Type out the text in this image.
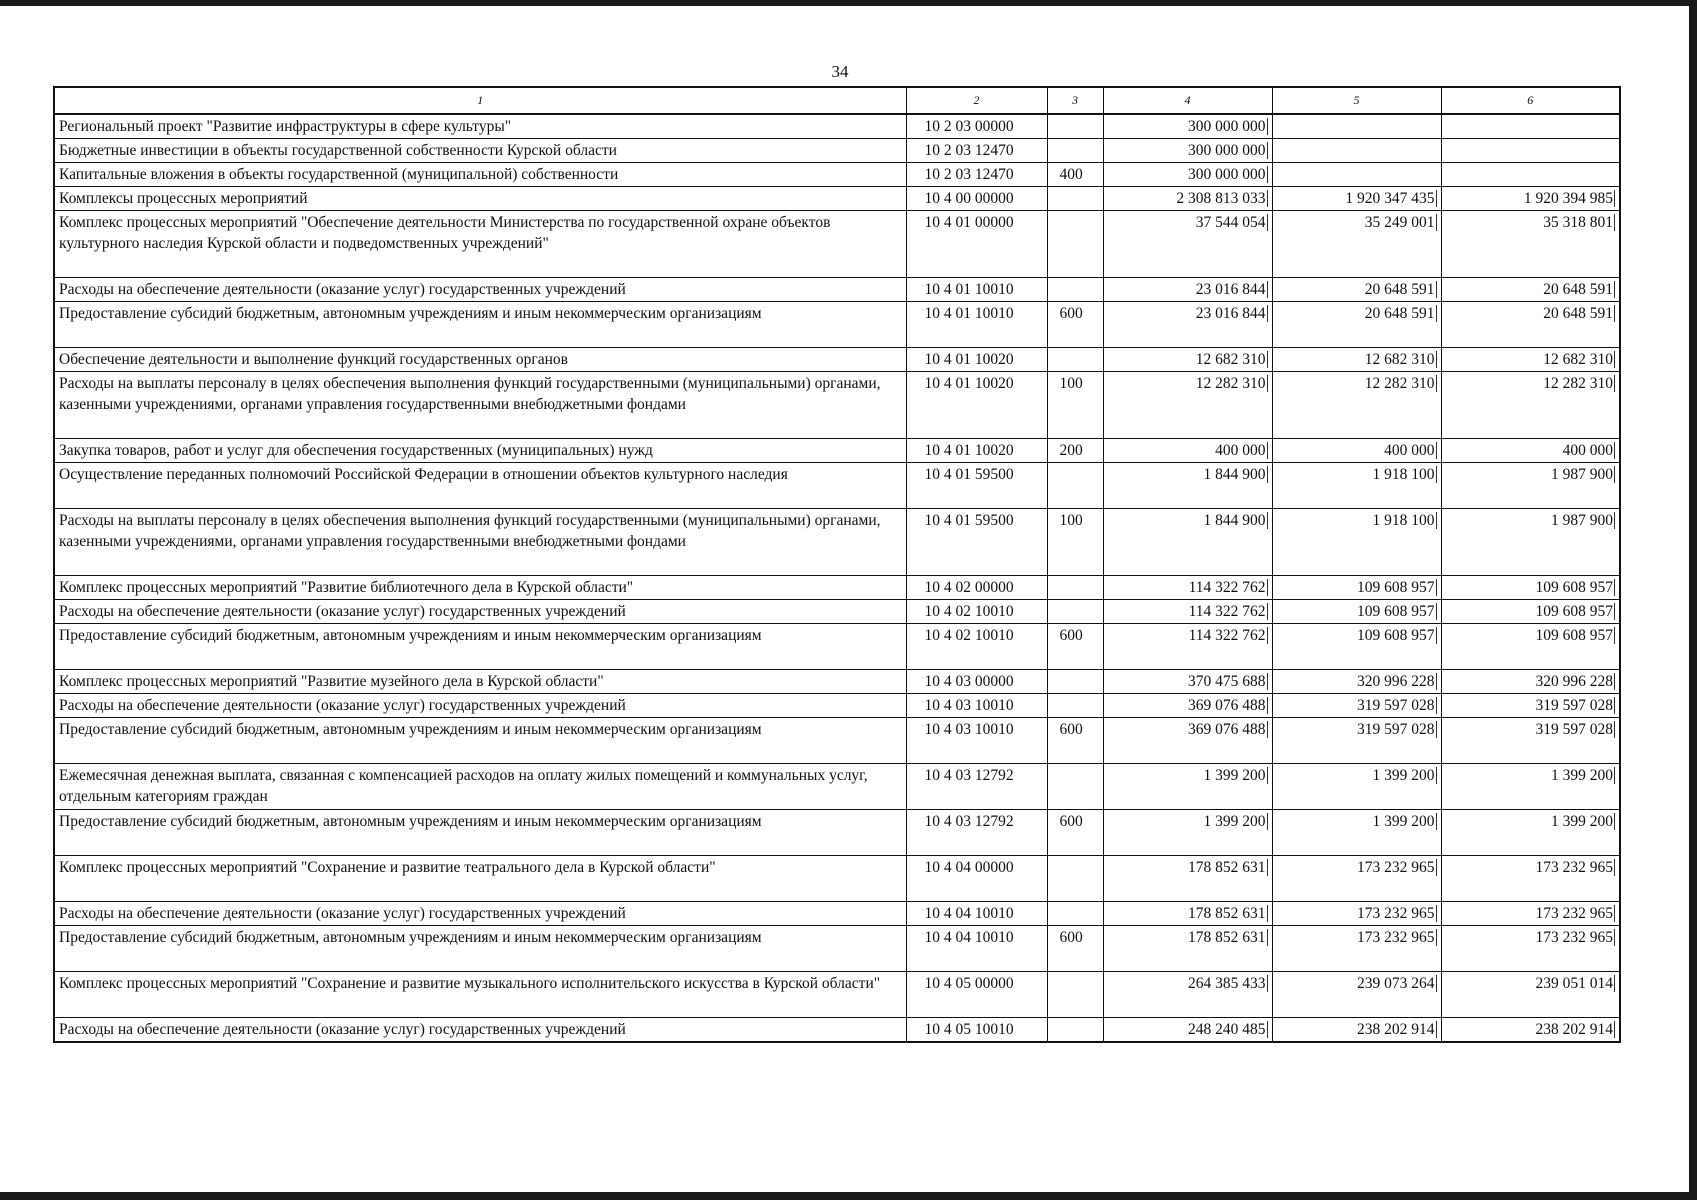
34
1	2	3	4	5	6
Региональный проект "Развитие инфраструктуры в сфере культуры"	10 2 03 00000		300 000 000		
Бюджетные инвестиции в объекты государственной собственности Курской области	10 2 03 12470		300 000 000		
Капитальные вложения в объекты государственной (муниципальной) собственности	10 2 03 12470	400	300 000 000		
Комплексы процессных мероприятий	10 4 00 00000		2 308 813 033	1 920 347 435	1 920 394 985
Комплекс процессных мероприятий "Обеспечение деятельности Министерства по государственной охране объектов культурного наследия Курской области и подведомственных учреждений"	10 4 01 00000		37 544 054	35 249 001	35 318 801
Расходы на обеспечение деятельности (оказание услуг) государственных учреждений	10 4 01 10010		23 016 844	20 648 591	20 648 591
Предоставление субсидий бюджетным, автономным учреждениям и иным некоммерческим организациям	10 4 01 10010	600	23 016 844	20 648 591	20 648 591
Обеспечение деятельности и выполнение функций государственных органов	10 4 01 10020		12 682 310	12 682 310	12 682 310
Расходы на выплаты персоналу в целях обеспечения выполнения функций государственными (муниципальными) органами, казенными учреждениями, органами управления государственными внебюджетными фондами	10 4 01 10020	100	12 282 310	12 282 310	12 282 310
Закупка товаров, работ и услуг для обеспечения государственных (муниципальных) нужд	10 4 01 10020	200	400 000	400 000	400 000
Осуществление переданных полномочий Российской Федерации в отношении объектов культурного наследия	10 4 01 59500		1 844 900	1 918 100	1 987 900
Расходы на выплаты персоналу в целях обеспечения выполнения функций государственными (муниципальными) органами, казенными учреждениями, органами управления государственными внебюджетными фондами	10 4 01 59500	100	1 844 900	1 918 100	1 987 900
Комплекс процессных мероприятий "Развитие библиотечного дела в Курской области"	10 4 02 00000		114 322 762	109 608 957	109 608 957
Расходы на обеспечение деятельности (оказание услуг) государственных учреждений	10 4 02 10010		114 322 762	109 608 957	109 608 957
Предоставление субсидий бюджетным, автономным учреждениям и иным некоммерческим организациям	10 4 02 10010	600	114 322 762	109 608 957	109 608 957
Комплекс процессных мероприятий "Развитие музейного дела в Курской области"	10 4 03 00000		370 475 688	320 996 228	320 996 228
Расходы на обеспечение деятельности (оказание услуг) государственных учреждений	10 4 03 10010		369 076 488	319 597 028	319 597 028
Предоставление субсидий бюджетным, автономным учреждениям и иным некоммерческим организациям	10 4 03 10010	600	369 076 488	319 597 028	319 597 028
Ежемесячная денежная выплата, связанная с компенсацией расходов на оплату жилых помещений и коммунальных услуг, отдельным категориям граждан	10 4 03 12792		1 399 200	1 399 200	1 399 200
Предоставление субсидий бюджетным, автономным учреждениям и иным некоммерческим организациям	10 4 03 12792	600	1 399 200	1 399 200	1 399 200
Комплекс процессных мероприятий "Сохранение и развитие театрального дела в Курской области"	10 4 04 00000		178 852 631	173 232 965	173 232 965
Расходы на обеспечение деятельности (оказание услуг) государственных учреждений	10 4 04 10010		178 852 631	173 232 965	173 232 965
Предоставление субсидий бюджетным, автономным учреждениям и иным некоммерческим организациям	10 4 04 10010	600	178 852 631	173 232 965	173 232 965
Комплекс процессных мероприятий "Сохранение и развитие музыкального исполнительского искусства в Курской области"	10 4 05 00000		264 385 433	239 073 264	239 051 014
Расходы на обеспечение деятельности (оказание услуг) государственных учреждений	10 4 05 10010		248 240 485	238 202 914	238 202 914
